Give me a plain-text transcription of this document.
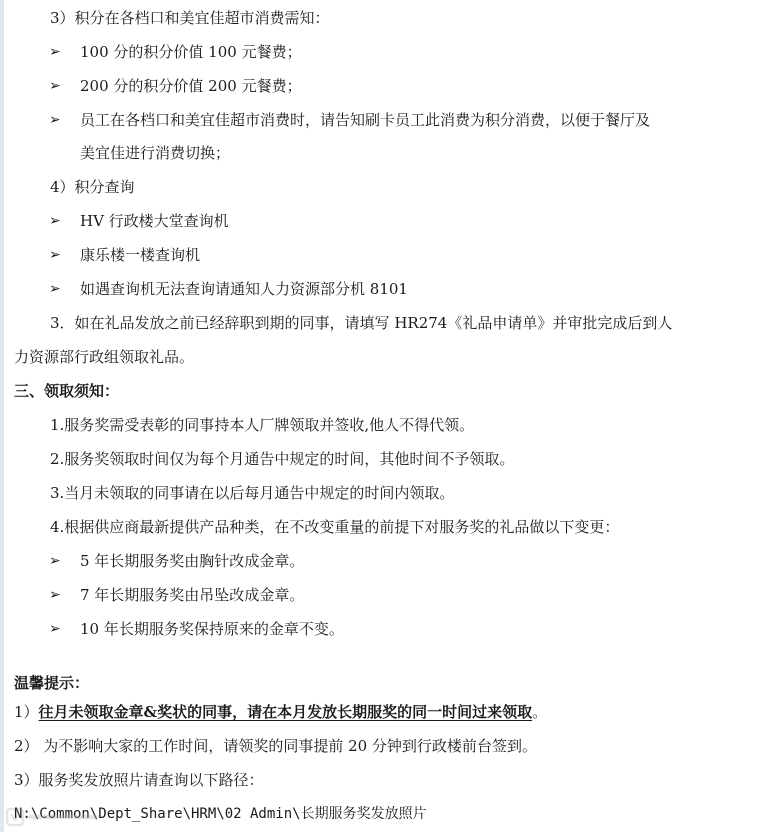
3）积分在各档口和美宜佳超市消费需知：
➢ 100 分的积分价值 100 元餐费；
➢ 200 分的积分价值 200 元餐费；
➢ 员工在各档口和美宜佳超市消费时，请告知刷卡员工此消费为积分消费，以便于餐厅及
美宜佳进行消费切换；
4）积分查询
➢ HV 行政楼大堂查询机
➢ 康乐楼一楼查询机
➢ 如遇查询机无法查询请通知人力资源部分机 8101
3．如在礼品发放之前已经辞职到期的同事，请填写 HR274《礼品申请单》并审批完成后到人
力资源部行政组领取礼品。
三、领取须知：
1.服务奖需受表彰的同事持本人厂牌领取并签收,他人不得代领。
2.服务奖领取时间仅为每个月通告中规定的时间，其他时间不予领取。
3.当月未领取的同事请在以后每月通告中规定的时间内领取。
4.根据供应商最新提供产品种类，在不改变重量的前提下对服务奖的礼品做以下变更：
➢ 5 年长期服务奖由胸针改成金章。
➢ 7 年长期服务奖由吊坠改成金章。
➢ 10 年长期服务奖保持原来的金章不变。
温馨提示：
1）往月未领取金章&奖状的同事，请在本月发放长期服奖的同一时间过来领取。
2） 为不影响大家的工作时间，请领奖的同事提前 20 分钟到行政楼前台签到。
3）服务奖发放照片请查询以下路径：
N:\Common\Dept_Share\HRM\02 Admin\长期服务奖发放照片
